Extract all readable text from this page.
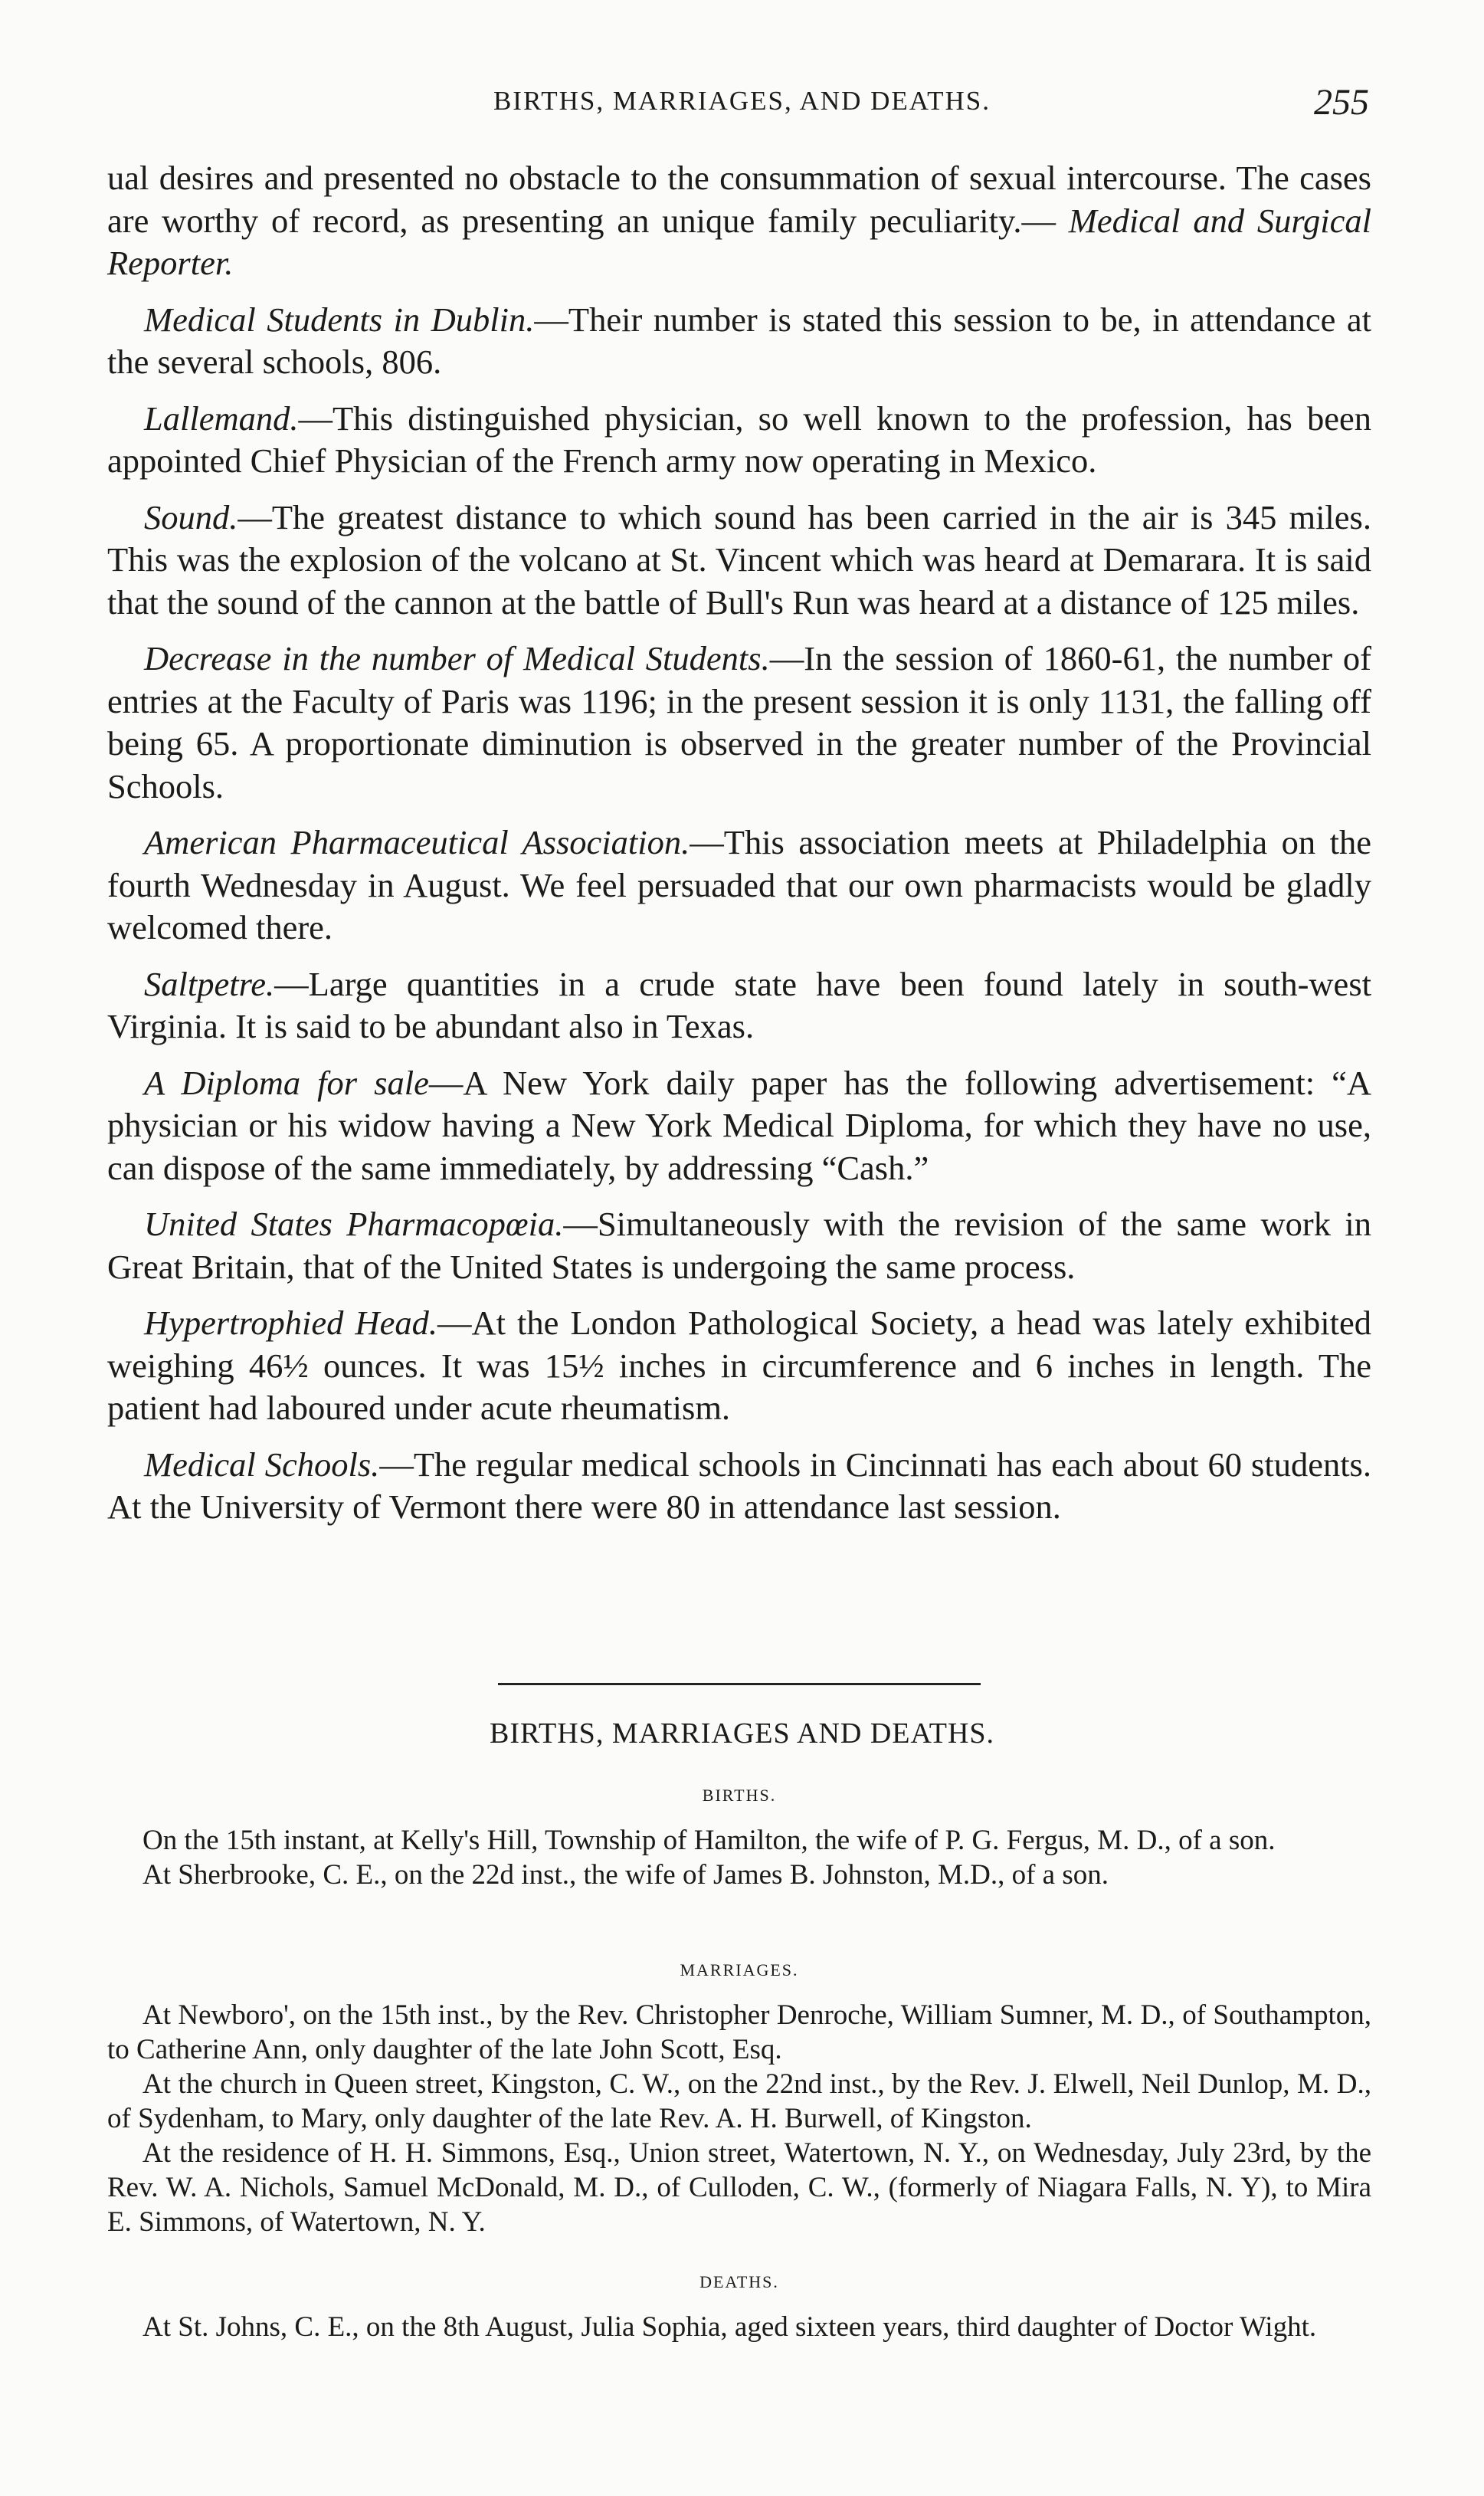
BIRTHS, MARRIAGES, AND DEATHS.	255

ual desires and presented no obstacle to the consummation of sexual intercourse. The cases are worthy of record, as presenting an unique family peculiarity.— Medical and Surgical Reporter.

Medical Students in Dublin.—Their number is stated this session to be, in attendance at the several schools, 806.

Lallemand.—This distinguished physician, so well known to the profession, has been appointed Chief Physician of the French army now operating in Mexico.

Sound.—The greatest distance to which sound has been carried in the air is 345 miles. This was the explosion of the volcano at St. Vincent which was heard at Demarara. It is said that the sound of the cannon at the battle of Bull's Run was heard at a distance of 125 miles.

Decrease in the number of Medical Students.—In the session of 1860-61, the number of entries at the Faculty of Paris was 1196; in the present session it is only 1131, the falling off being 65. A proportionate diminution is observed in the greater number of the Provincial Schools.

American Pharmaceutical Association.—This association meets at Philadelphia on the fourth Wednesday in August. We feel persuaded that our own pharmacists would be gladly welcomed there.

Saltpetre.—Large quantities in a crude state have been found lately in south-west Virginia. It is said to be abundant also in Texas.

A Diploma for sale—A New York daily paper has the following advertisement: “A physician or his widow having a New York Medical Diploma, for which they have no use, can dispose of the same immediately, by addressing “Cash.”

United States Pharmacopœia.—Simultaneously with the revision of the same work in Great Britain, that of the United States is undergoing the same process.

Hypertrophied Head.—At the London Pathological Society, a head was lately exhibited weighing 46½ ounces. It was 15½ inches in circumference and 6 inches in length. The patient had laboured under acute rheumatism.

Medical Schools.—The regular medical schools in Cincinnati has each about 60 students. At the University of Vermont there were 80 in attendance last session.

BIRTHS, MARRIAGES AND DEATHS.
BIRTHS.

On the 15th instant, at Kelly's Hill, Township of Hamilton, the wife of P. G. Fergus, M. D., of a son.

At Sherbrooke, C. E., on the 22d inst., the wife of James B. Johnston, M.D., of a son.

MARRIAGES.

At Newboro', on the 15th inst., by the Rev. Christopher Denroche, William Sumner, M. D., of Southampton, to Catherine Ann, only daughter of the late John Scott, Esq.

At the church in Queen street, Kingston, C. W., on the 22nd inst., by the Rev. J. Elwell, Neil Dunlop, M. D., of Sydenham, to Mary, only daughter of the late Rev. A. H. Burwell, of Kingston.

At the residence of H. H. Simmons, Esq., Union street, Watertown, N. Y., on Wednesday, July 23rd, by the Rev. W. A. Nichols, Samuel McDonald, M. D., of Culloden, C. W., (formerly of Niagara Falls, N. Y), to Mira E. Simmons, of Watertown, N. Y.

DEATHS.

At St. Johns, C. E., on the 8th August, Julia Sophia, aged sixteen years, third daughter of Doctor Wight.
